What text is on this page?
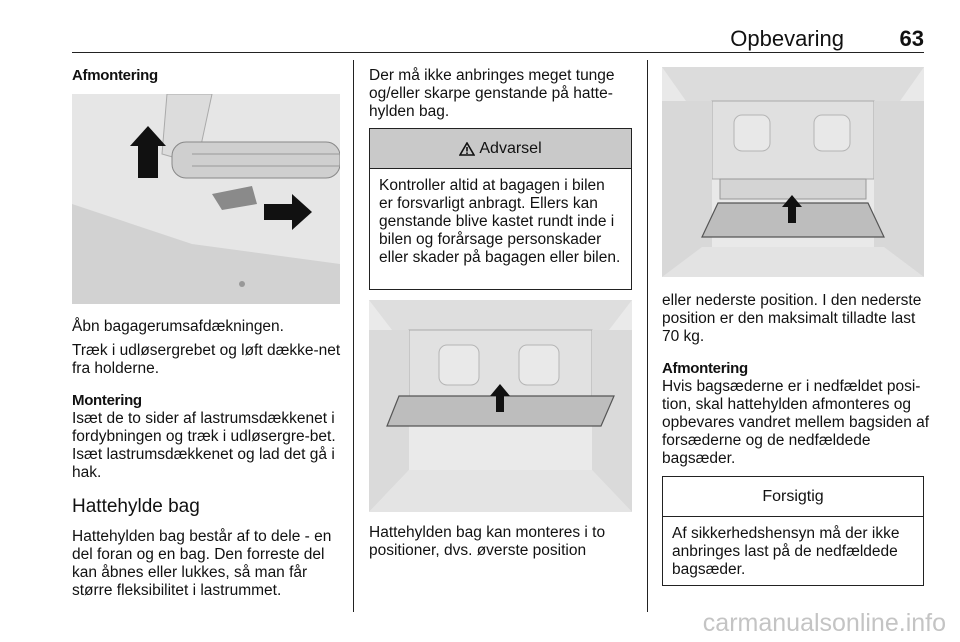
Opbevaring	63
Afmontering

Åbn bagagerumsafdækningen.

Træk i udløsergrebet og løft dække-net fra holderne.

Montering

Isæt de to sider af lastrumsdækkenet i fordybningen og træk i udløsergre-bet. Isæt lastrumsdækkenet og lad det gå i hak.

Hattehylde bag

Hattehylden bag består af to dele - en del foran og en bag. Den forreste del kan åbnes eller lukkes, så man får større fleksibilitet i lastrummet.

Der må ikke anbringes meget tunge og/eller skarpe genstande på hatte-hylden bag.

Advarsel
Kontroller altid at bagagen i bilen er forsvarligt anbragt. Ellers kan genstande blive kastet rundt inde i bilen og forårsage personskader eller skader på bagagen eller bilen.

Hattehylden bag kan monteres i to positioner, dvs. øverste position

eller nederste position. I den nederste position er den maksimalt tilladte last 70 kg.

Afmontering

Hvis bagsæderne er i nedfældet posi-tion, skal hattehylden afmonteres og opbevares vandret mellem bagsiden af forsæderne og de nedfældede bagsæder.

Forsigtig
Af sikkerhedshensyn må der ikke anbringes last på de nedfældede bagsæder.
carmanualsonline.info
